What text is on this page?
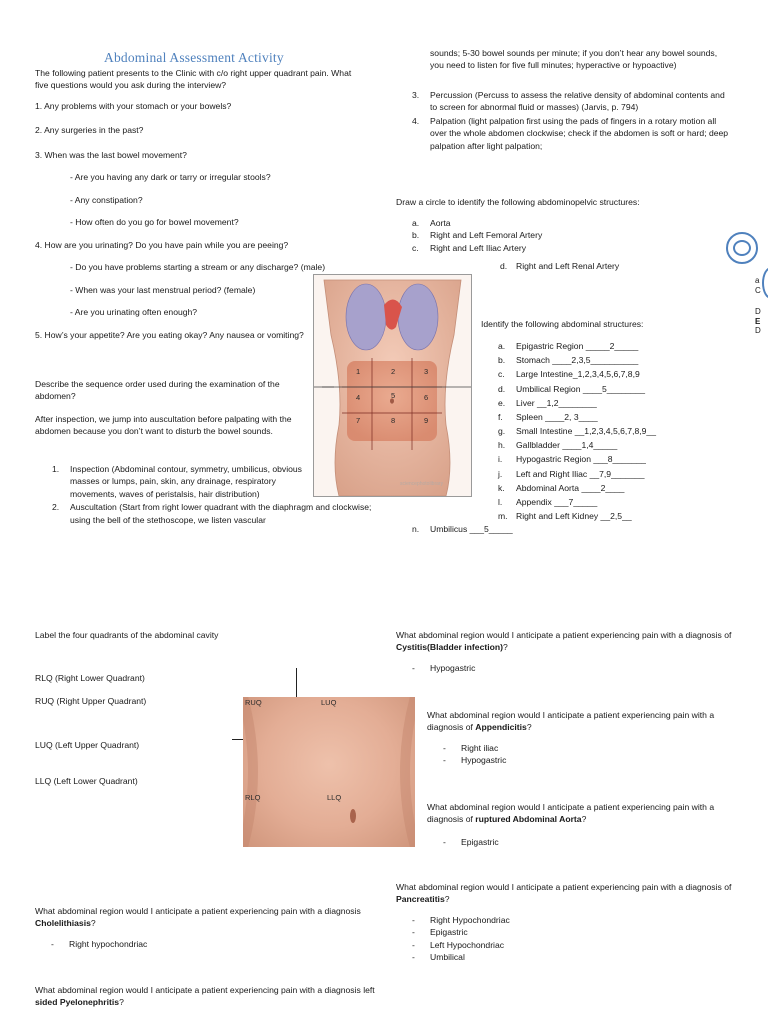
Abdominal Assessment Activity

The following patient presents to the Clinic with c/o right upper quadrant pain. What five questions would you ask during the interview?

1. Any problems with your stomach or your bowels?

2. Any surgeries in the past?

3. When was the last bowel movement?

- Are you having any dark or tarry or irregular stools?

- Any constipation?

- How often do you go for bowel movement?

4. How are you urinating? Do you have pain while you are peeing?

- Do you have problems starting a stream or any discharge? (male)

- When was your last menstrual period? (female)

- Are you urinating often enough?

5. How’s your appetite? Are you eating okay? Any nausea or vomiting?

Describe the sequence order used during the examination of the abdomen?

After inspection, we jump into auscultation before palpating with the abdomen because you don’t want to disturb the bowel sounds.

1.	Inspection (Abdominal contour, symmetry, umbilicus, obvious masses or lumps, pain, skin, any drainage, respiratory movements, waves of peristalsis, hair distribution)
2.	Auscultation (Start from right lower quadrant with the diaphragm and clockwise; using the bell of the stethoscope, we listen vascular

sounds; 5-30 bowel sounds per minute; if you don’t hear any bowel sounds, you need to listen for five full minutes; hyperactive or hypoactive)

3.	Percussion (Percuss to assess the relative density of abdominal contents and to screen for abnormal fluid or masses) (Jarvis, p. 794)
4.	Palpation (light palpation first using the pads of fingers in a rotary motion all over the whole abdomen clockwise; check if the abdomen is soft or hard; deep palpation after light palpation;

Draw a circle to identify the following abdominopelvic structures:

a.	Aorta
b.	Right and Left Femoral Artery
c.	Right and Left Iliac Artery
d.	Right and Left Renal Artery
a
C
D
E
D
1	2	3
4	5	6
7	8	9
sciencephotolibrary

Identify the following abdominal structures:

a.	Epigastric Region _____2_____
b.	Stomach ____2,3,5__________
c.	Large Intestine_1,2,3,4,5,6,7,8,9
d.	Umbilical Region ____5________
e.	Liver __1,2________
f.	Spleen ____2, 3____
g.	Small Intestine __1,2,3,4,5,6,7,8,9__
h.	Gallbladder ____1,4_____
i.	Hypogastric Region ___8_______
j.	Left and Right Iliac __7,9_______
k.	Abdominal Aorta ____2____
l.	Appendix ___7_____
m. Right and Left Kidney __2,5__
n.	Umbilicus ___5_____

Label the four quadrants of the abdominal cavity

RLQ (Right Lower Quadrant)

RUQ (Right Upper Quadrant)

LUQ (Left Upper Quadrant)

LLQ (Left Lower Quadrant)

RUQ	LUQ
RLQ	LLQ

What abdominal region would I anticipate a patient experiencing pain with a diagnosis of Cystitis(Bladder infection)?

-	Hypogastric

What abdominal region would I anticipate a patient experiencing pain with a diagnosis of Appendicitis?

-	Right iliac
-	Hypogastric

What abdominal region would I anticipate a patient experiencing pain with a diagnosis of ruptured Abdominal Aorta?

-	Epigastric

What abdominal region would I anticipate a patient experiencing pain with a diagnosis of Pancreatitis?

-	Right Hypochondriac
-	Epigastric
-	Left Hypochondriac
-	Umbilical

What abdominal region would I anticipate a patient experiencing pain with a diagnosis Cholelithiasis?

-	Right hypochondriac

What abdominal region would I anticipate a patient experiencing pain with a diagnosis left sided Pyelonephritis?
